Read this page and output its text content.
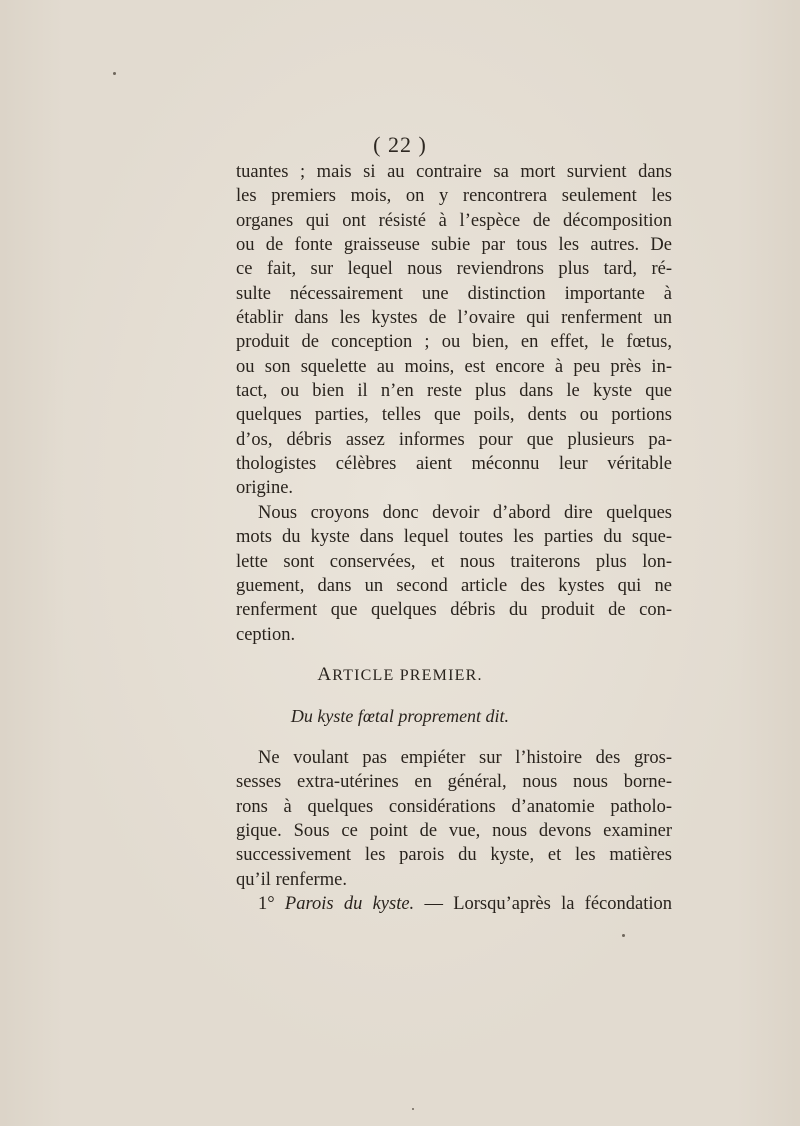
( 22 )
tuantes ; mais si au contraire sa mort survient dans
les premiers mois, on y rencontrera seulement les
organes qui ont résisté à l’espèce de décomposition
ou de fonte graisseuse subie par tous les autres. De
ce fait, sur lequel nous reviendrons plus tard, ré-
sulte nécessairement une distinction importante à
établir dans les kystes de l’ovaire qui renferment un
produit de conception ; ou bien, en effet, le fœtus,
ou son squelette au moins, est encore à peu près in-
tact, ou bien il n’en reste plus dans le kyste que
quelques parties, telles que poils, dents ou portions
d’os, débris assez informes pour que plusieurs pa-
thologistes célèbres aient méconnu leur véritable
origine.
Nous croyons donc devoir d’abord dire quelques
mots du kyste dans lequel toutes les parties du sque-
lette sont conservées, et nous traiterons plus lon-
guement, dans un second article des kystes qui ne
renferment que quelques débris du produit de con-
ception.
ARTICLE PREMIER.
Du kyste fœtal proprement dit.
Ne voulant pas empiéter sur l’histoire des gros-
sesses extra-utérines en général, nous nous borne-
rons à quelques considérations d’anatomie patholo-
gique. Sous ce point de vue, nous devons examiner
successivement les parois du kyste, et les matières
qu’il renferme.
1° Parois du kyste. — Lorsqu’après la fécondation
